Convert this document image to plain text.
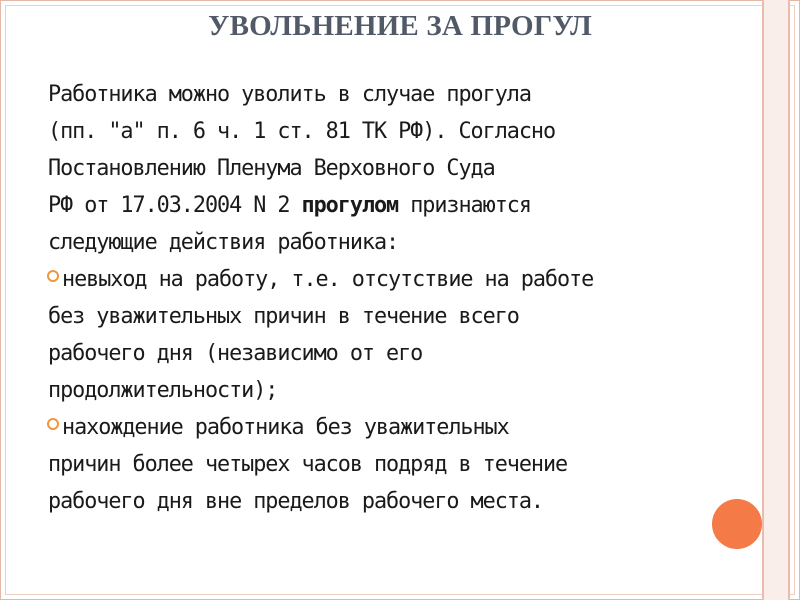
УВОЛЬНЕНИЕ ЗА ПРОГУЛ
Работника можно уволить в случае прогула
(пп. "а" п. 6 ч. 1 ст. 81 ТК РФ). Согласно
Постановлению Пленума Верховного Суда
РФ от 17.03.2004 N 2 прогулом признаются
следующие действия работника:
невыход на работу, т.е. отсутствие на работе
без уважительных причин в течение всего
рабочего дня (независимо от его
продолжительности);
нахождение работника без уважительных
причин более четырех часов подряд в течение
рабочего дня вне пределов рабочего места.
